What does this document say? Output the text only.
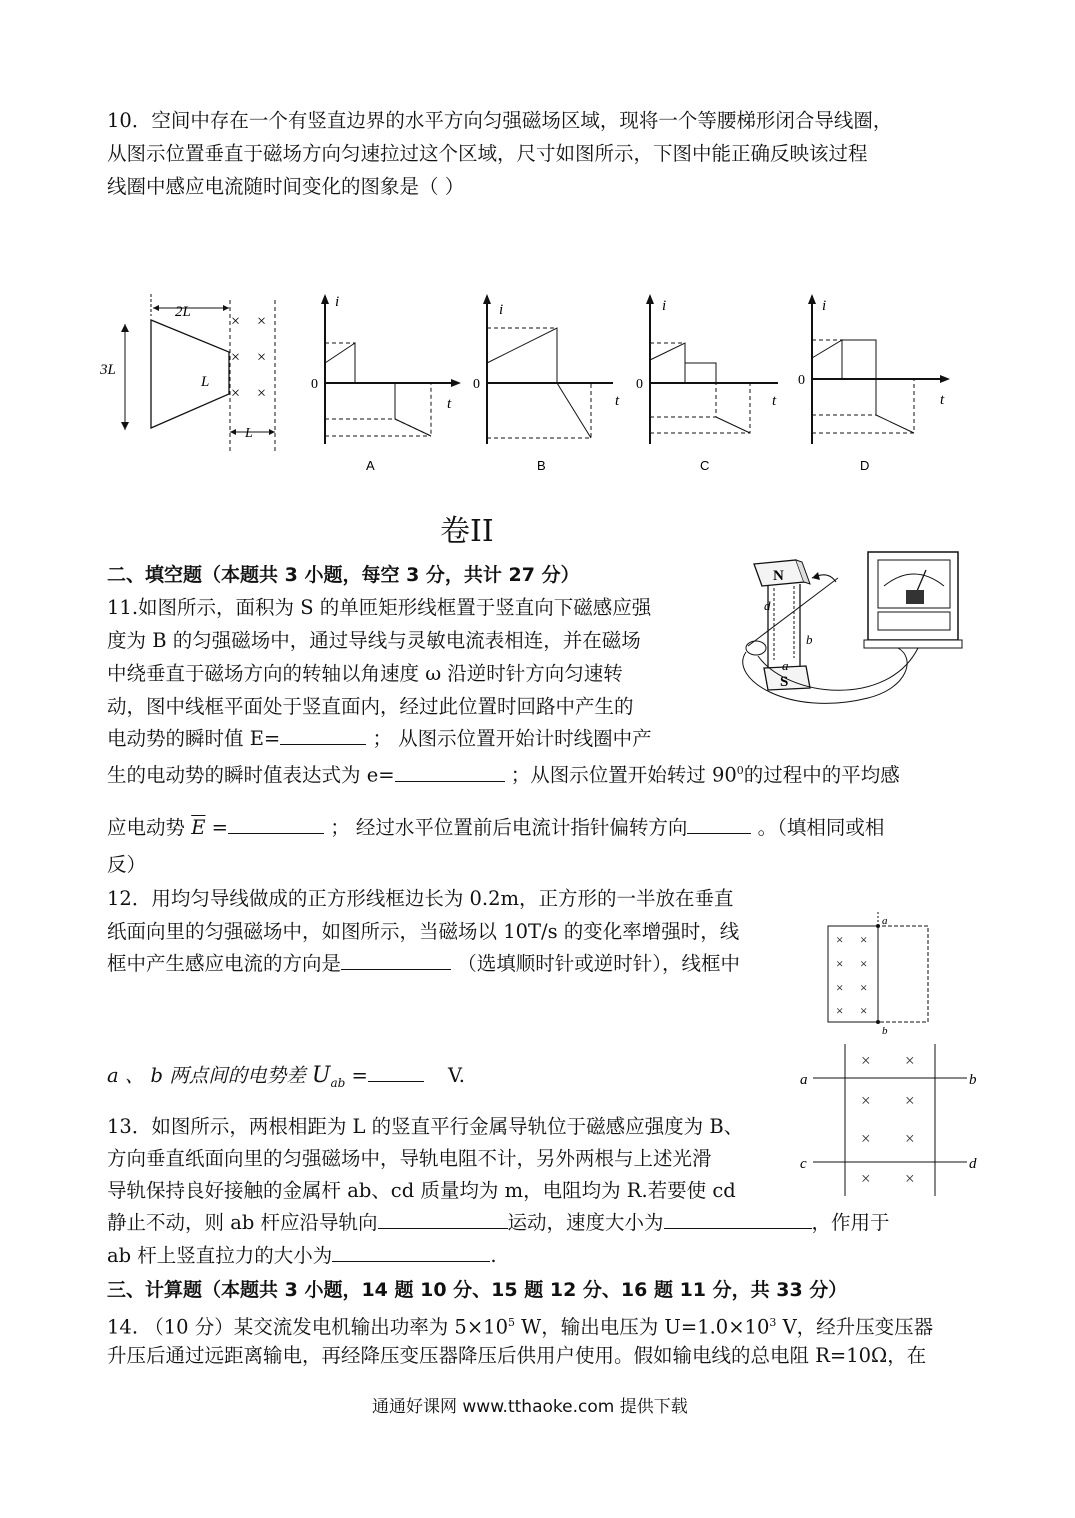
10．空间中存在一个有竖直边界的水平方向匀强磁场区域，现将一个等腰梯形闭合导线圈，
从图示位置垂直于磁场方向匀速拉过这个区域，尺寸如图所示，下图中能正确反映该过程
线圈中感应电流随时间变化的图象是（ ）
2L
3L
L
× ×
× ×
× ×
L
i
t
0
A
i
t
0
B
i
t
0
C
i
t
0
D
卷II
二、填空题（本题共 3 小题，每空 3 分，共计 27 分）
11.如图所示，面积为 S 的单匝矩形线框置于竖直向下磁感应强
度为 B 的匀强磁场中，通过导线与灵敏电流表相连，并在磁场
中绕垂直于磁场方向的转轴以角速度 ω 沿逆时针方向匀速转
动，图中线框平面处于竖直面内，经过此位置时回路中产生的
电动势的瞬时值 E=	； 从图示位置开始计时线圈中产
生的电动势的瞬时值表达式为 e=	；从图示位置开始转过 $90^0$的过程中的平均感
应电动势 $\overline{E}$ =	； 经过水平位置前后电流计指针偏转方向	。（填相同或相
反）
N
S
d
b
a
12．用均匀导线做成的正方形线框边长为 0.2m，正方形的一半放在垂直
纸面向里的匀强磁场中，如图所示，当磁场以 10T/s 的变化率增强时，线
框中产生感应电流的方向是	（选填顺时针或逆时针），线框中
a 、 b 两点间的电势差 $U_{ab}$ =	V.
a
b
× ×
× ×
× ×
× ×
a	b
c	d
× ×
× ×
× ×
× ×
13．如图所示，两根相距为 L 的竖直平行金属导轨位于磁感应强度为 B、
方向垂直纸面向里的匀强磁场中，导轨电阻不计，另外两根与上述光滑
导轨保持良好接触的金属杆 ab、cd 质量均为 m，电阻均为 R.若要使 cd
静止不动，则 ab 杆应沿导轨向	运动，速度大小为	，作用于
ab 杆上竖直拉力的大小为	.
三、计算题（本题共 3 小题，14 题 10 分、15 题 12 分、16 题 11 分，共 33 分）
14. （10 分）某交流发电机输出功率为 $5\times 10^5$ W，输出电压为 $U=1.0\times 10^3$ V，经升压变压器
升压后通过远距离输电，再经降压变压器降压后供用户使用。假如输电线的总电阻 R=10Ω，在
通通好课网 www.tthaoke.com 提供下载
